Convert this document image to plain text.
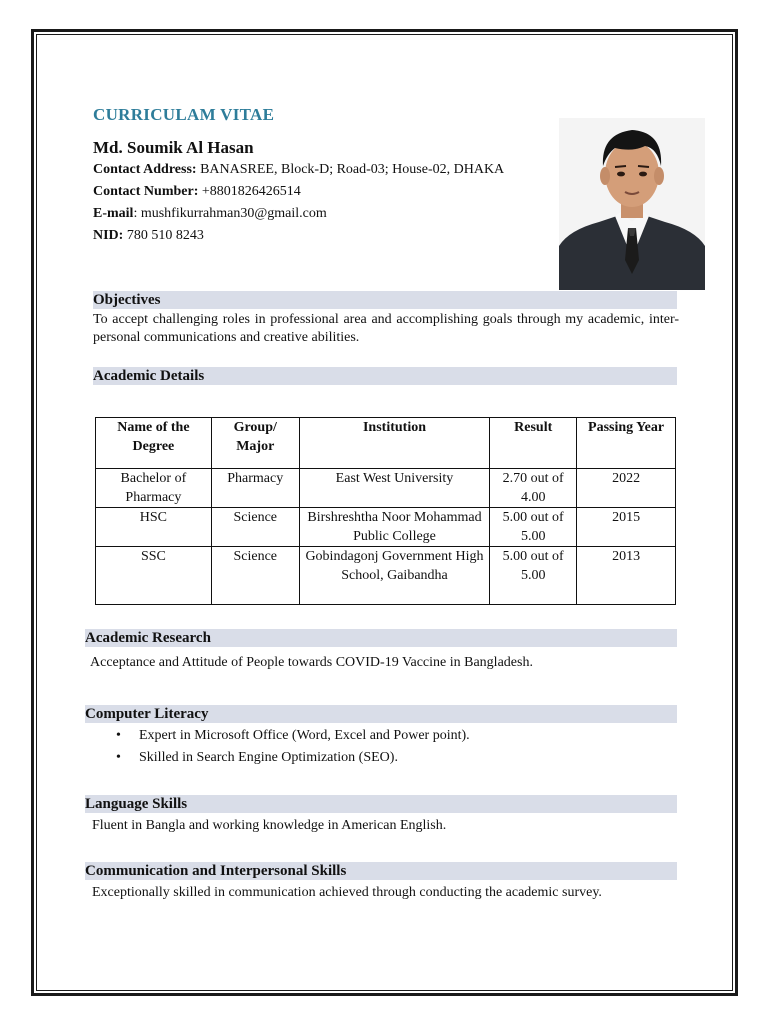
CURRICULAM VITAE
Md. Soumik Al Hasan
Contact Address: BANASREE, Block-D; Road-03; House-02, DHAKA
Contact Number: +8801826426514
E-mail: mushfikurrahman30@gmail.com
NID: 780 510 8243
Objectives
To accept challenging roles in professional area and accomplishing goals through my academic, inter-personal communications and creative abilities.
Academic Details
Name of the Degree	Group/ Major	Institution	Result	Passing Year
Bachelor of Pharmacy	Pharmacy	East West University	2.70 out of 4.00	2022
HSC	Science	Birshreshtha Noor Mohammad Public College	5.00 out of 5.00	2015
SSC	Science	Gobindagonj Government High School, Gaibandha	5.00 out of 5.00	2013
Academic Research
Acceptance and Attitude of People towards COVID-19 Vaccine in Bangladesh.
Computer Literacy
• Expert in Microsoft Office (Word, Excel and Power point).
• Skilled in Search Engine Optimization (SEO).
Language Skills
Fluent in Bangla and working knowledge in American English.
Communication and Interpersonal Skills
Exceptionally skilled in communication achieved through conducting the academic survey.
